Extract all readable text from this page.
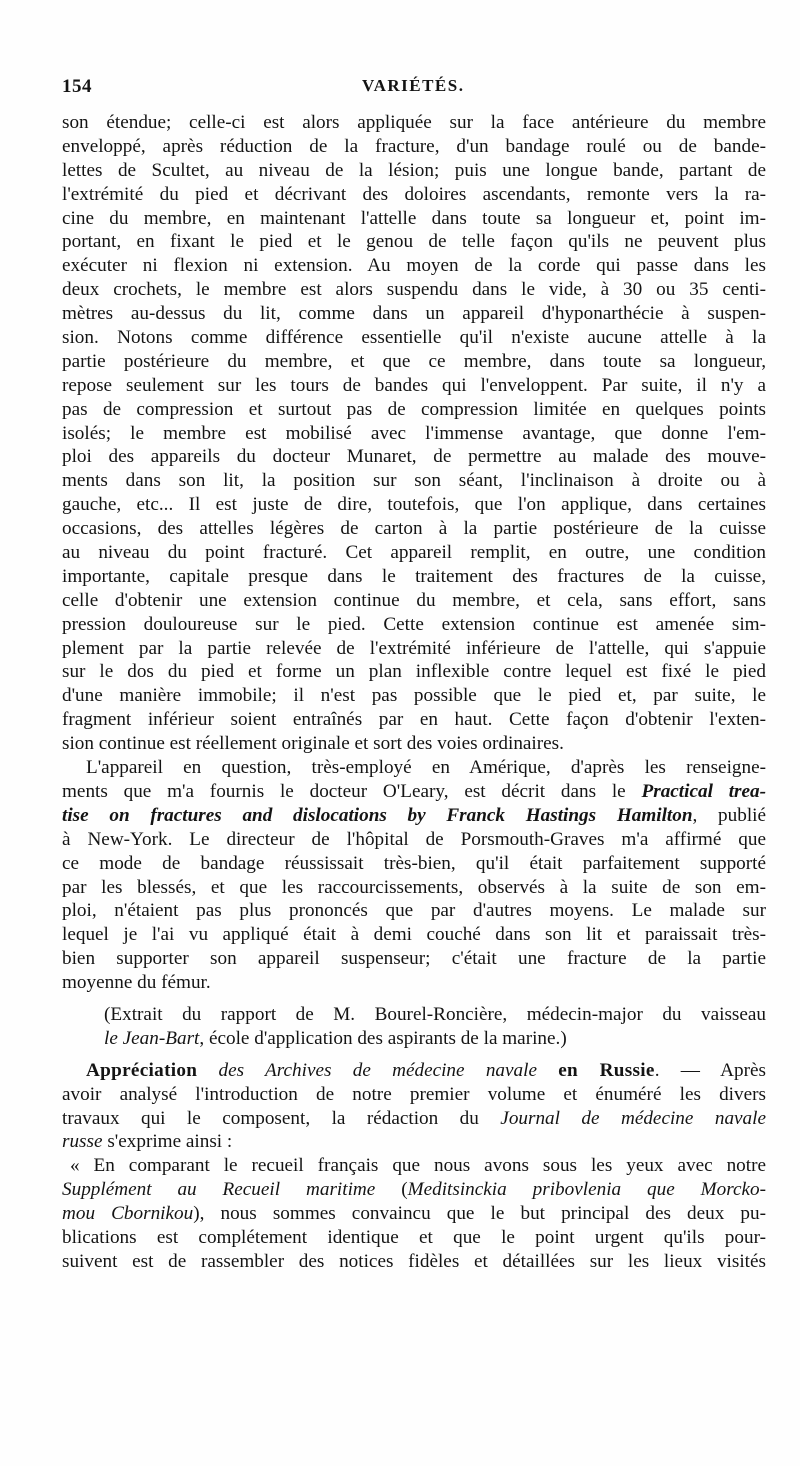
154	VARIÉTÉS.
son étendue; celle-ci est alors appliquée sur la face antérieure du membre
enveloppé, après réduction de la fracture, d'un bandage roulé ou de bande-
lettes de Scultet, au niveau de la lésion; puis une longue bande, partant de
l'extrémité du pied et décrivant des doloires ascendants, remonte vers la ra-
cine du membre, en maintenant l'attelle dans toute sa longueur et, point im-
portant, en fixant le pied et le genou de telle façon qu'ils ne peuvent plus
exécuter ni flexion ni extension. Au moyen de la corde qui passe dans les
deux crochets, le membre est alors suspendu dans le vide, à 30 ou 35 centi-
mètres au-dessus du lit, comme dans un appareil d'hyponarthécie à suspen-
sion. Notons comme différence essentielle qu'il n'existe aucune attelle à la
partie postérieure du membre, et que ce membre, dans toute sa longueur,
repose seulement sur les tours de bandes qui l'enveloppent. Par suite, il n'y a
pas de compression et surtout pas de compression limitée en quelques points
isolés; le membre est mobilisé avec l'immense avantage, que donne l'em-
ploi des appareils du docteur Munaret, de permettre au malade des mouve-
ments dans son lit, la position sur son séant, l'inclinaison à droite ou à
gauche, etc... Il est juste de dire, toutefois, que l'on applique, dans certaines
occasions, des attelles légères de carton à la partie postérieure de la cuisse
au niveau du point fracturé. Cet appareil remplit, en outre, une condition
importante, capitale presque dans le traitement des fractures de la cuisse,
celle d'obtenir une extension continue du membre, et cela, sans effort, sans
pression douloureuse sur le pied. Cette extension continue est amenée sim-
plement par la partie relevée de l'extrémité inférieure de l'attelle, qui s'appuie
sur le dos du pied et forme un plan inflexible contre lequel est fixé le pied
d'une manière immobile; il n'est pas possible que le pied et, par suite, le
fragment inférieur soient entraînés par en haut. Cette façon d'obtenir l'exten-
sion continue est réellement originale et sort des voies ordinaires.
L'appareil en question, très-employé en Amérique, d'après les renseigne-
ments que m'a fournis le docteur O'Leary, est décrit dans le Practical trea-
tise on fractures and dislocations by Franck Hastings Hamilton, publié
à New-York. Le directeur de l'hôpital de Porsmouth-Graves m'a affirmé que
ce mode de bandage réussissait très-bien, qu'il était parfaitement supporté
par les blessés, et que les raccourcissements, observés à la suite de son em-
ploi, n'étaient pas plus prononcés que par d'autres moyens. Le malade sur
lequel je l'ai vu appliqué était à demi couché dans son lit et paraissait très-
bien supporter son appareil suspenseur; c'était une fracture de la partie
moyenne du fémur.
(Extrait du rapport de M. Bourel-Roncière, médecin-major du vaisseau
le Jean-Bart, école d'application des aspirants de la marine.)
Appréciation des Archives de médecine navale en Russie. — Après
avoir analysé l'introduction de notre premier volume et énuméré les divers
travaux qui le composent, la rédaction du Journal de médecine navale
russe s'exprime ainsi :
« En comparant le recueil français que nous avons sous les yeux avec notre
Supplément au Recueil maritime (Meditsinckia pribovlenia que Morcko-
mou Cbornikou), nous sommes convaincu que le but principal des deux pu-
blications est complétement identique et que le point urgent qu'ils pour-
suivent est de rassembler des notices fidèles et détaillées sur les lieux visités
